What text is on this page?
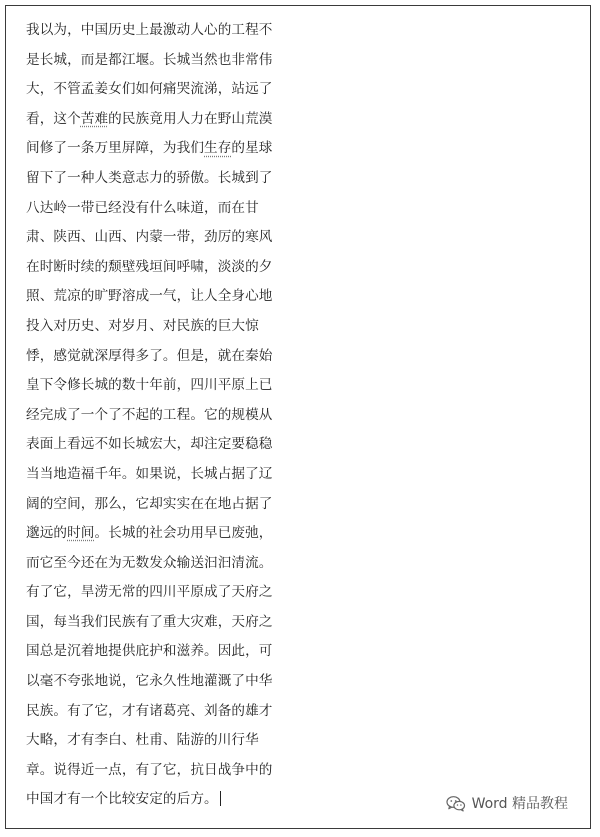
我以为，中国历史上最激动人心的工程不
是长城，而是都江堰。长城当然也非常伟
大，不管孟姜女们如何痛哭流涕，站远了
看，这个苦难的民族竟用人力在野山荒漠
间修了一条万里屏障，为我们生存的星球
留下了一种人类意志力的骄傲。长城到了
八达岭一带已经没有什么味道，而在甘
肃、陕西、山西、内蒙一带，劲厉的寒风
在时断时续的颓壁残垣间呼啸，淡淡的夕
照、荒凉的旷野溶成一气，让人全身心地
投入对历史、对岁月、对民族的巨大惊
悸，感觉就深厚得多了。但是，就在秦始
皇下令修长城的数十年前，四川平原上已
经完成了一个了不起的工程。它的规模从
表面上看远不如长城宏大，却注定要稳稳
当当地造福千年。如果说，长城占据了辽
阔的空间，那么，它却实实在在地占据了
邈远的时间。长城的社会功用早已废弛，
而它至今还在为无数发众输送汩汩清流。
有了它，旱涝无常的四川平原成了天府之
国，每当我们民族有了重大灾难，天府之
国总是沉着地提供庇护和滋养。因此，可
以毫不夸张地说，它永久性地灌溉了中华
民族。有了它，才有诸葛亮、刘备的雄才
大略，才有李白、杜甫、陆游的川行华
章。说得近一点，有了它，抗日战争中的
中国才有一个比较安定的后方。	Word 精品教程
